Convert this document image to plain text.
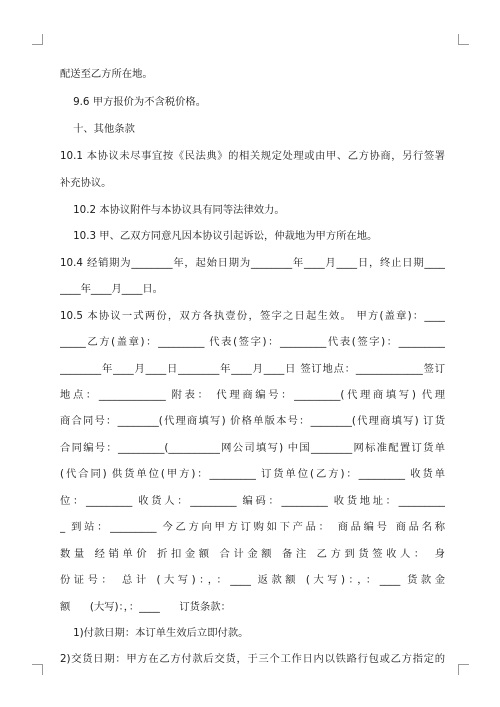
配送至乙方所在地。
9.6 甲方报价为不含税价格。
十、其他条款
10.1 本协议未尽事宜按《民法典》的相关规定处理或由甲、乙方协商，另行签署
补充协议。
10.2 本协议附件与本协议具有同等法律效力。
10.3 甲、乙双方同意凡因本协议引起诉讼，仲裁地为甲方所在地。
10.4 经销期为________年，起始日期为________年____月____日，终止日期____
____年____月____日。
10.5 本协议一式两份，双方各执壹份，签字之日起生效。 甲方(盖章)：____
_____乙方(盖章)：_________ 代表(签字)：_________代表(签字)：_________
________年____月____日________年____月____日 签订地点：_____________签订
地点：_____________ 附表： 代理商编号：_________(代理商填写) 代理
商合同号：________(代理商填写) 价格单版本号：________(代理商填写) 订货
合同编号：_________(__________网公司填写) 中国________网标准配置订货单
(代合同) 供货单位(甲方)：_________ 订货单位(乙方)：_________ 收货单
位：_________ 收货人：_________ 编码：_________ 收货地址：_________
_ 到站：_________ 今乙方向甲方订购如下产品： 商品编号 商品名称
数量 经销单价 折扣金额 合计金额 备注 乙方到货签收人： 身
份证号： 总计 (大写)：，：____ 返款额 (大写)：，：____ 货款金
额      (大写)：，：____      订货条款：
1)付款日期：本订单生效后立即付款。
2)交货日期：甲方在乙方付款后交货，于三个工作日内以铁路行包或乙方指定的
